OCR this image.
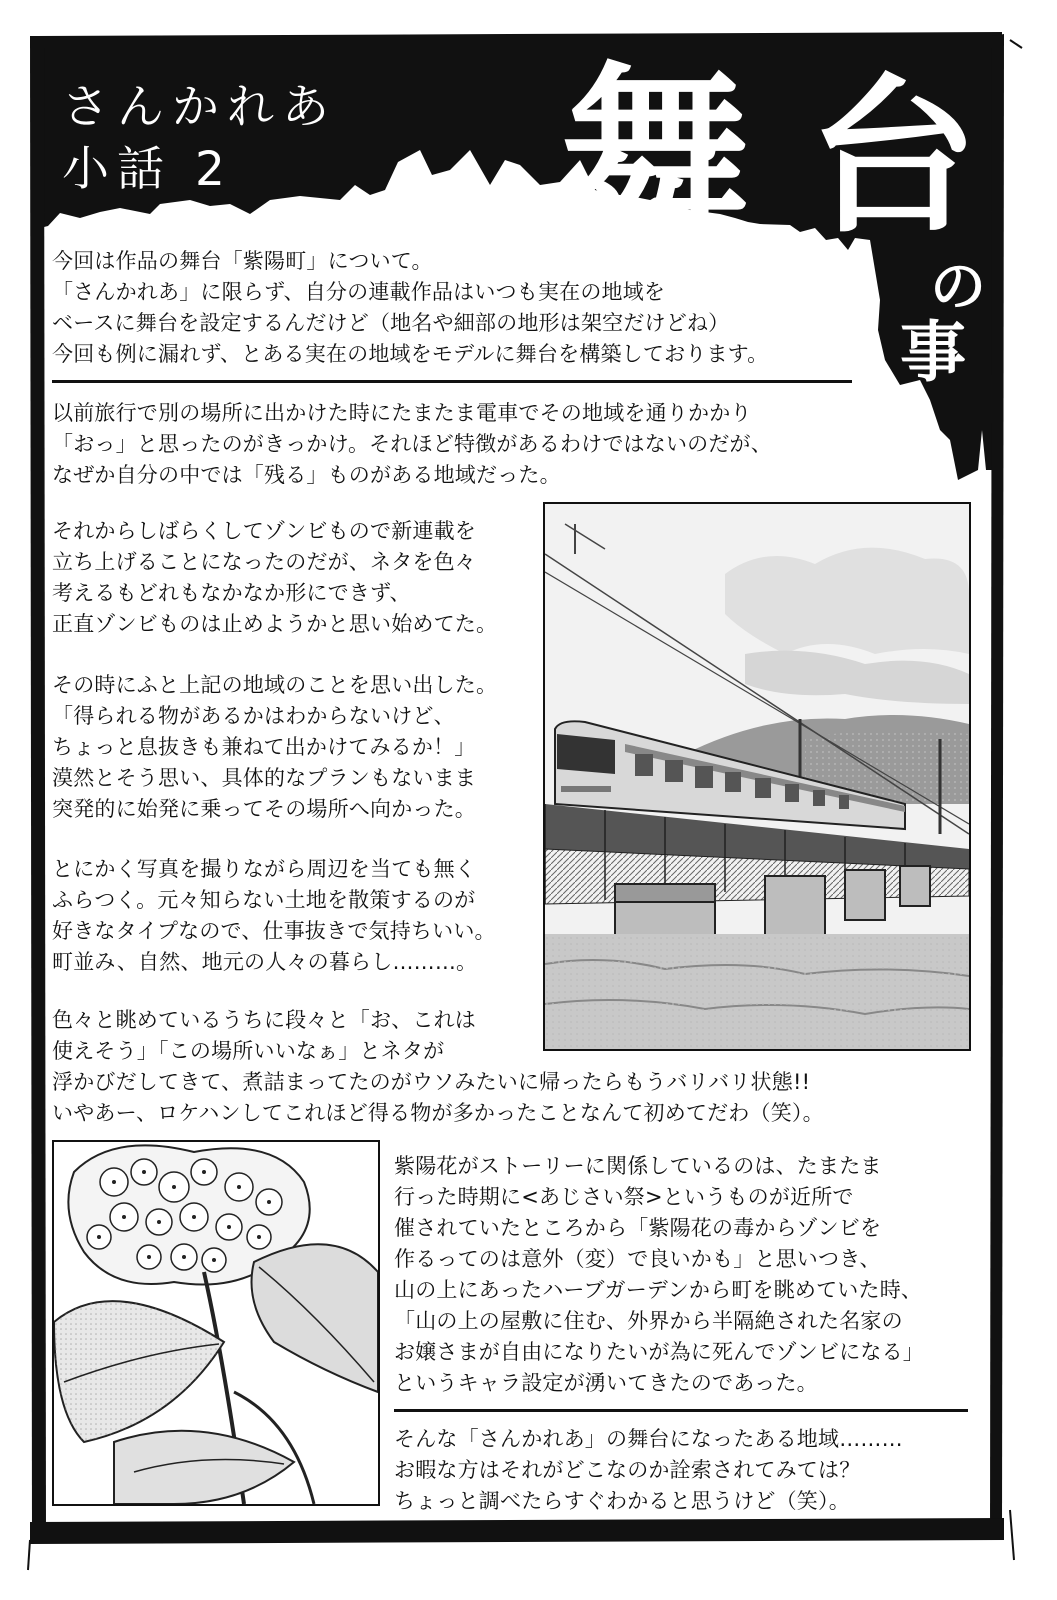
さんかれあ
小話 2 舞 台
の
事
今回は作品の舞台「紫陽町」について。
「さんかれあ」に限らず、自分の連載作品はいつも実在の地域を
ベースに舞台を設定するんだけど（地名や細部の地形は架空だけどね）
今回も例に漏れず、とある実在の地域をモデルに舞台を構築しております。
以前旅行で別の場所に出かけた時にたまたま電車でその地域を通りかかり
「おっ」と思ったのがきっかけ。それほど特徴があるわけではないのだが、
なぜか自分の中では「残る」ものがある地域だった。
それからしばらくしてゾンビもので新連載を
立ち上げることになったのだが、ネタを色々
考えるもどれもなかなか形にできず、
正直ゾンビものは止めようかと思い始めてた。
その時にふと上記の地域のことを思い出した。
「得られる物があるかはわからないけど、
ちょっと息抜きも兼ねて出かけてみるか！」
漠然とそう思い、具体的なプランもないまま
突発的に始発に乗ってその場所へ向かった。
とにかく写真を撮りながら周辺を当ても無く
ふらつく。元々知らない土地を散策するのが
好きなタイプなので、仕事抜きで気持ちいい。
町並み、自然、地元の人々の暮らし………。
色々と眺めているうちに段々と「お、これは
使えそう」「この場所いいなぁ」とネタが
浮かびだしてきて、煮詰まってたのがウソみたいに帰ったらもうバリバリ状態!!
いやあー、ロケハンしてこれほど得る物が多かったことなんて初めてだわ（笑）。
紫陽花がストーリーに関係しているのは、たまたま
行った時期に<あじさい祭>というものが近所で
催されていたところから「紫陽花の毒からゾンビを
作るってのは意外（変）で良いかも」と思いつき、
山の上にあったハーブガーデンから町を眺めていた時、
「山の上の屋敷に住む、外界から半隔絶された名家の
お嬢さまが自由になりたいが為に死んでゾンビになる」
というキャラ設定が湧いてきたのであった。
そんな「さんかれあ」の舞台になったある地域………
お暇な方はそれがどこなのか詮索されてみては？
ちょっと調べたらすぐわかると思うけど（笑）。
